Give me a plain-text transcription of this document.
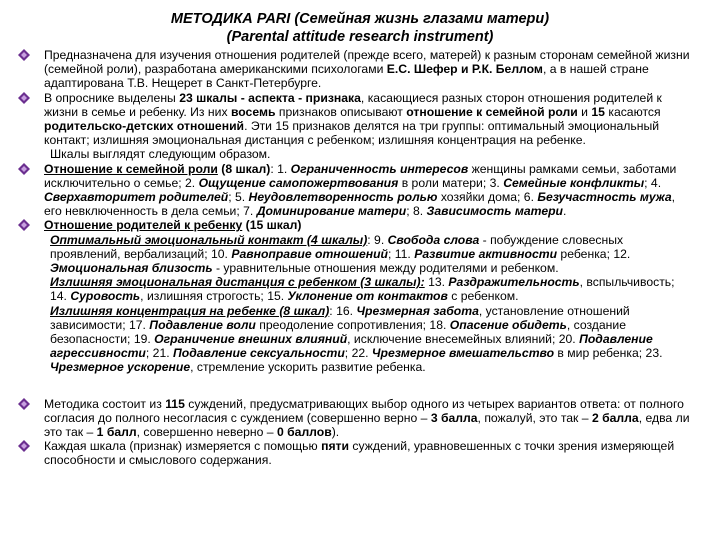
МЕТОДИКА PARI (Семейная жизнь глазами матери)
(Parental attitude research instrument)
Предназначена для изучения отношения родителей (прежде всего, матерей) к разным сторонам семейной жизни (семейной роли), разработана американскими психологами Е.С. Шефер и Р.К. Беллом, а в нашей стране адаптирована Т.В. Нещерет в Санкт-Петербурге.
В опроснике выделены 23 шкалы - аспекта - признака, касающиеся разных сторон отношения родителей к жизни в семье и ребенку. Из них восемь признаков описывают отношение к семейной роли и 15 касаются родительско-детских отношений. Эти 15 признаков делятся на три группы: оптимальный эмоциональный контакт; излишняя эмоциональная дистанция с ребенком; излишняя концентрация на ребенке.
Шкалы выглядят следующим образом.
Отношение к семейной роли (8 шкал): 1. Ограниченность интересов женщины рамками семьи, заботами исключительно о семье; 2. Ощущение самопожертвования в роли матери; 3. Семейные конфликты; 4. Сверхавторитет родителей; 5. Неудовлетворенность ролью хозяйки дома; 6. Безучастность мужа, его невключенность в дела семьи; 7. Доминирование матери; 8. Зависимость матери.
Отношение родителей к ребенку (15 шкал)
Оптимальный эмоциональный контакт (4 шкалы): 9. Свобода слова - побуждение словесных проявлений, вербализаций; 10. Равноправие отношений; 11. Развитие активности ребенка; 12. Эмоциональная близость - уравнительные отношения между родителями и ребенком.
Излишняя эмоциональная дистанция с ребенком (3 шкалы): 13. Раздражительность, вспыльчивость; 14. Суровость, излишняя строгость; 15. Уклонение от контактов с ребенком.
Излишняя концентрация на ребенке (8 шкал): 16. Чрезмерная забота, установление отношений зависимости; 17. Подавление воли преодоление сопротивления; 18. Опасение обидеть, создание безопасности; 19. Ограничение внешних влияний, исключение внесемейных влияний; 20. Подавление агрессивности; 21. Подавление сексуальности; 22. Чрезмерное вмешательство в мир ребенка; 23. Чрезмерное ускорение, стремление ускорить развитие ребенка.
Методика состоит из 115 суждений, предусматривающих выбор одного из четырех вариантов ответа: от полного согласия до полного несогласия с суждением (совершенно верно – 3 балла, пожалуй, это так – 2 балла, едва ли это так – 1 балл, совершенно неверно – 0 баллов).
Каждая шкала (признак) измеряется с помощью пяти суждений, уравновешенных с точки зрения измеряющей способности и смыслового содержания.
